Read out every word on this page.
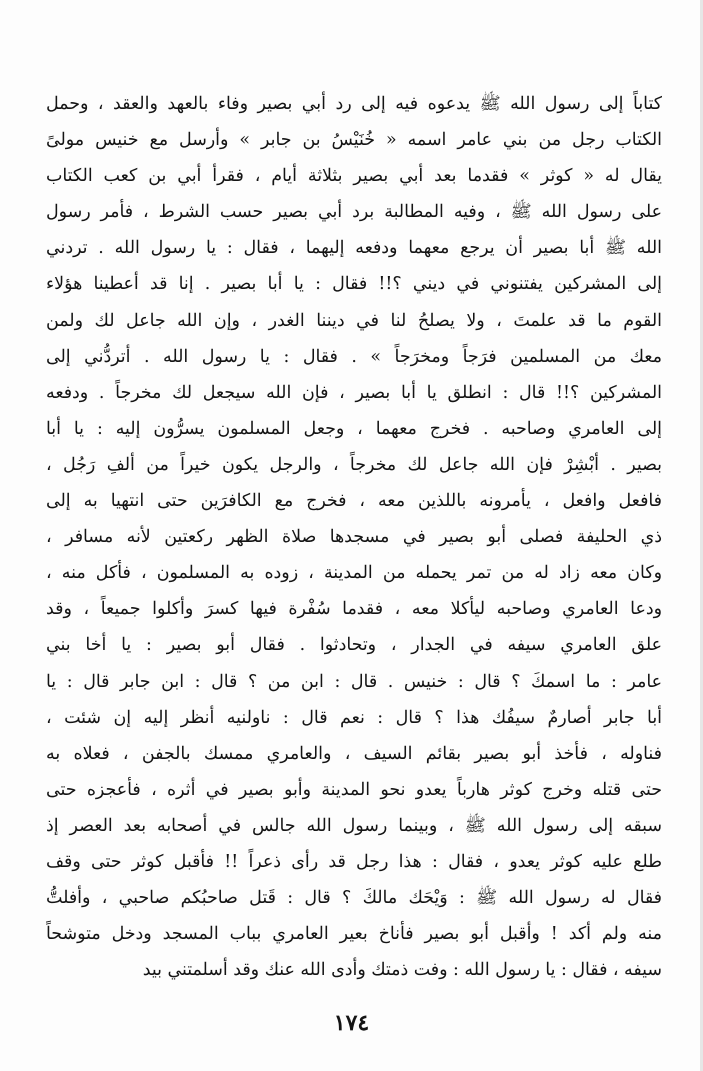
كتاباً إلى رسول الله ﷺ يدعوه فيه إلى رد أبي بصير وفاء بالعهد والعقد ، وحمل
الكتاب رجل من بني عامر اسمه « خُنَيْسُ بن جابر » وأرسل مع خنيس مولىً
يقال له « كوثر » فقدما بعد أبي بصير بثلاثة أيام ، فقرأ أبي بن كعب الكتاب
على رسول الله ﷺ ، وفيه المطالبة برد أبي بصير حسب الشرط ، فأمر رسول
الله ﷺ أبا بصير أن يرجع معهما ودفعه إليهما ، فقال : يا رسول الله . تردني
إلى المشركين يفتنوني في ديني ؟!! فقال : يا أبا بصير . إنا قد أعطينا هؤلاء
القوم ما قد علمتَ ، ولا يصلحُ لنا في ديننا الغدر ، وإن الله جاعل لك ولمن
معك من المسلمين فرَجاً ومخرَجاً » . فقال : يا رسول الله . أتردُّني إلى
المشركين ؟!! قال : انطلق يا أبا بصير ، فإن الله سيجعل لك مخرجاً . ودفعه
إلى العامري وصاحبه . فخرج معهما ، وجعل المسلمون يسرُّون إليه : يا أبا
بصير . أبْشِرْ فإن الله جاعل لك مخرجاً ، والرجل يكون خيراً من ألفِ رَجُل ،
فافعل وافعل ، يأمرونه باللذين معه ، فخرج مع الكافرَين حتى انتهيا به إلى
ذي الحليفة فصلى أبو بصير في مسجدها صلاة الظهر ركعتين لأنه مسافر ،
وكان معه زاد له من تمر يحمله من المدينة ، زوده به المسلمون ، فأكل منه ،
ودعا العامري وصاحبه ليأكلا معه ، فقدما سُفْرة فيها كسرَ وأكلوا جميعاً ، وقد
علق العامري سيفه في الجدار ، وتحادثوا . فقال أبو بصير : يا أخا بني
عامر : ما اسمكَ ؟ قال : خنيس . قال : ابن من ؟ قال : ابن جابر قال : يا
أبا جابر أصارمٌ سيفُك هذا ؟ قال : نعم قال : ناولنيه أنظر إليه إن شئت ،
فناوله ، فأخذ أبو بصير بقائم السيف ، والعامري ممسك بالجفن ، فعلاه به
حتى قتله وخرج كوثر هارباً يعدو نحو المدينة وأبو بصير في أثره ، فأعجزه حتى
سبقه إلى رسول الله ﷺ ، وبينما رسول الله جالس في أصحابه بعد العصر إذ
طلع عليه كوثر يعدو ، فقال : هذا رجل قد رأى ذعراً !! فأقبل كوثر حتى وقف
فقال له رسول الله ﷺ : وَيْحَك مالكَ ؟ قال : قَتل صاحبُكم صاحبي ، وأفلتُّ
منه ولم أكد ! وأقبل أبو بصير فأناخ بعير العامري بباب المسجد ودخل متوشحاً
سيفه ، فقال : يا رسول الله : وفت ذمتك وأدى الله عنك وقد أسلمتني بيد
١٧٤
